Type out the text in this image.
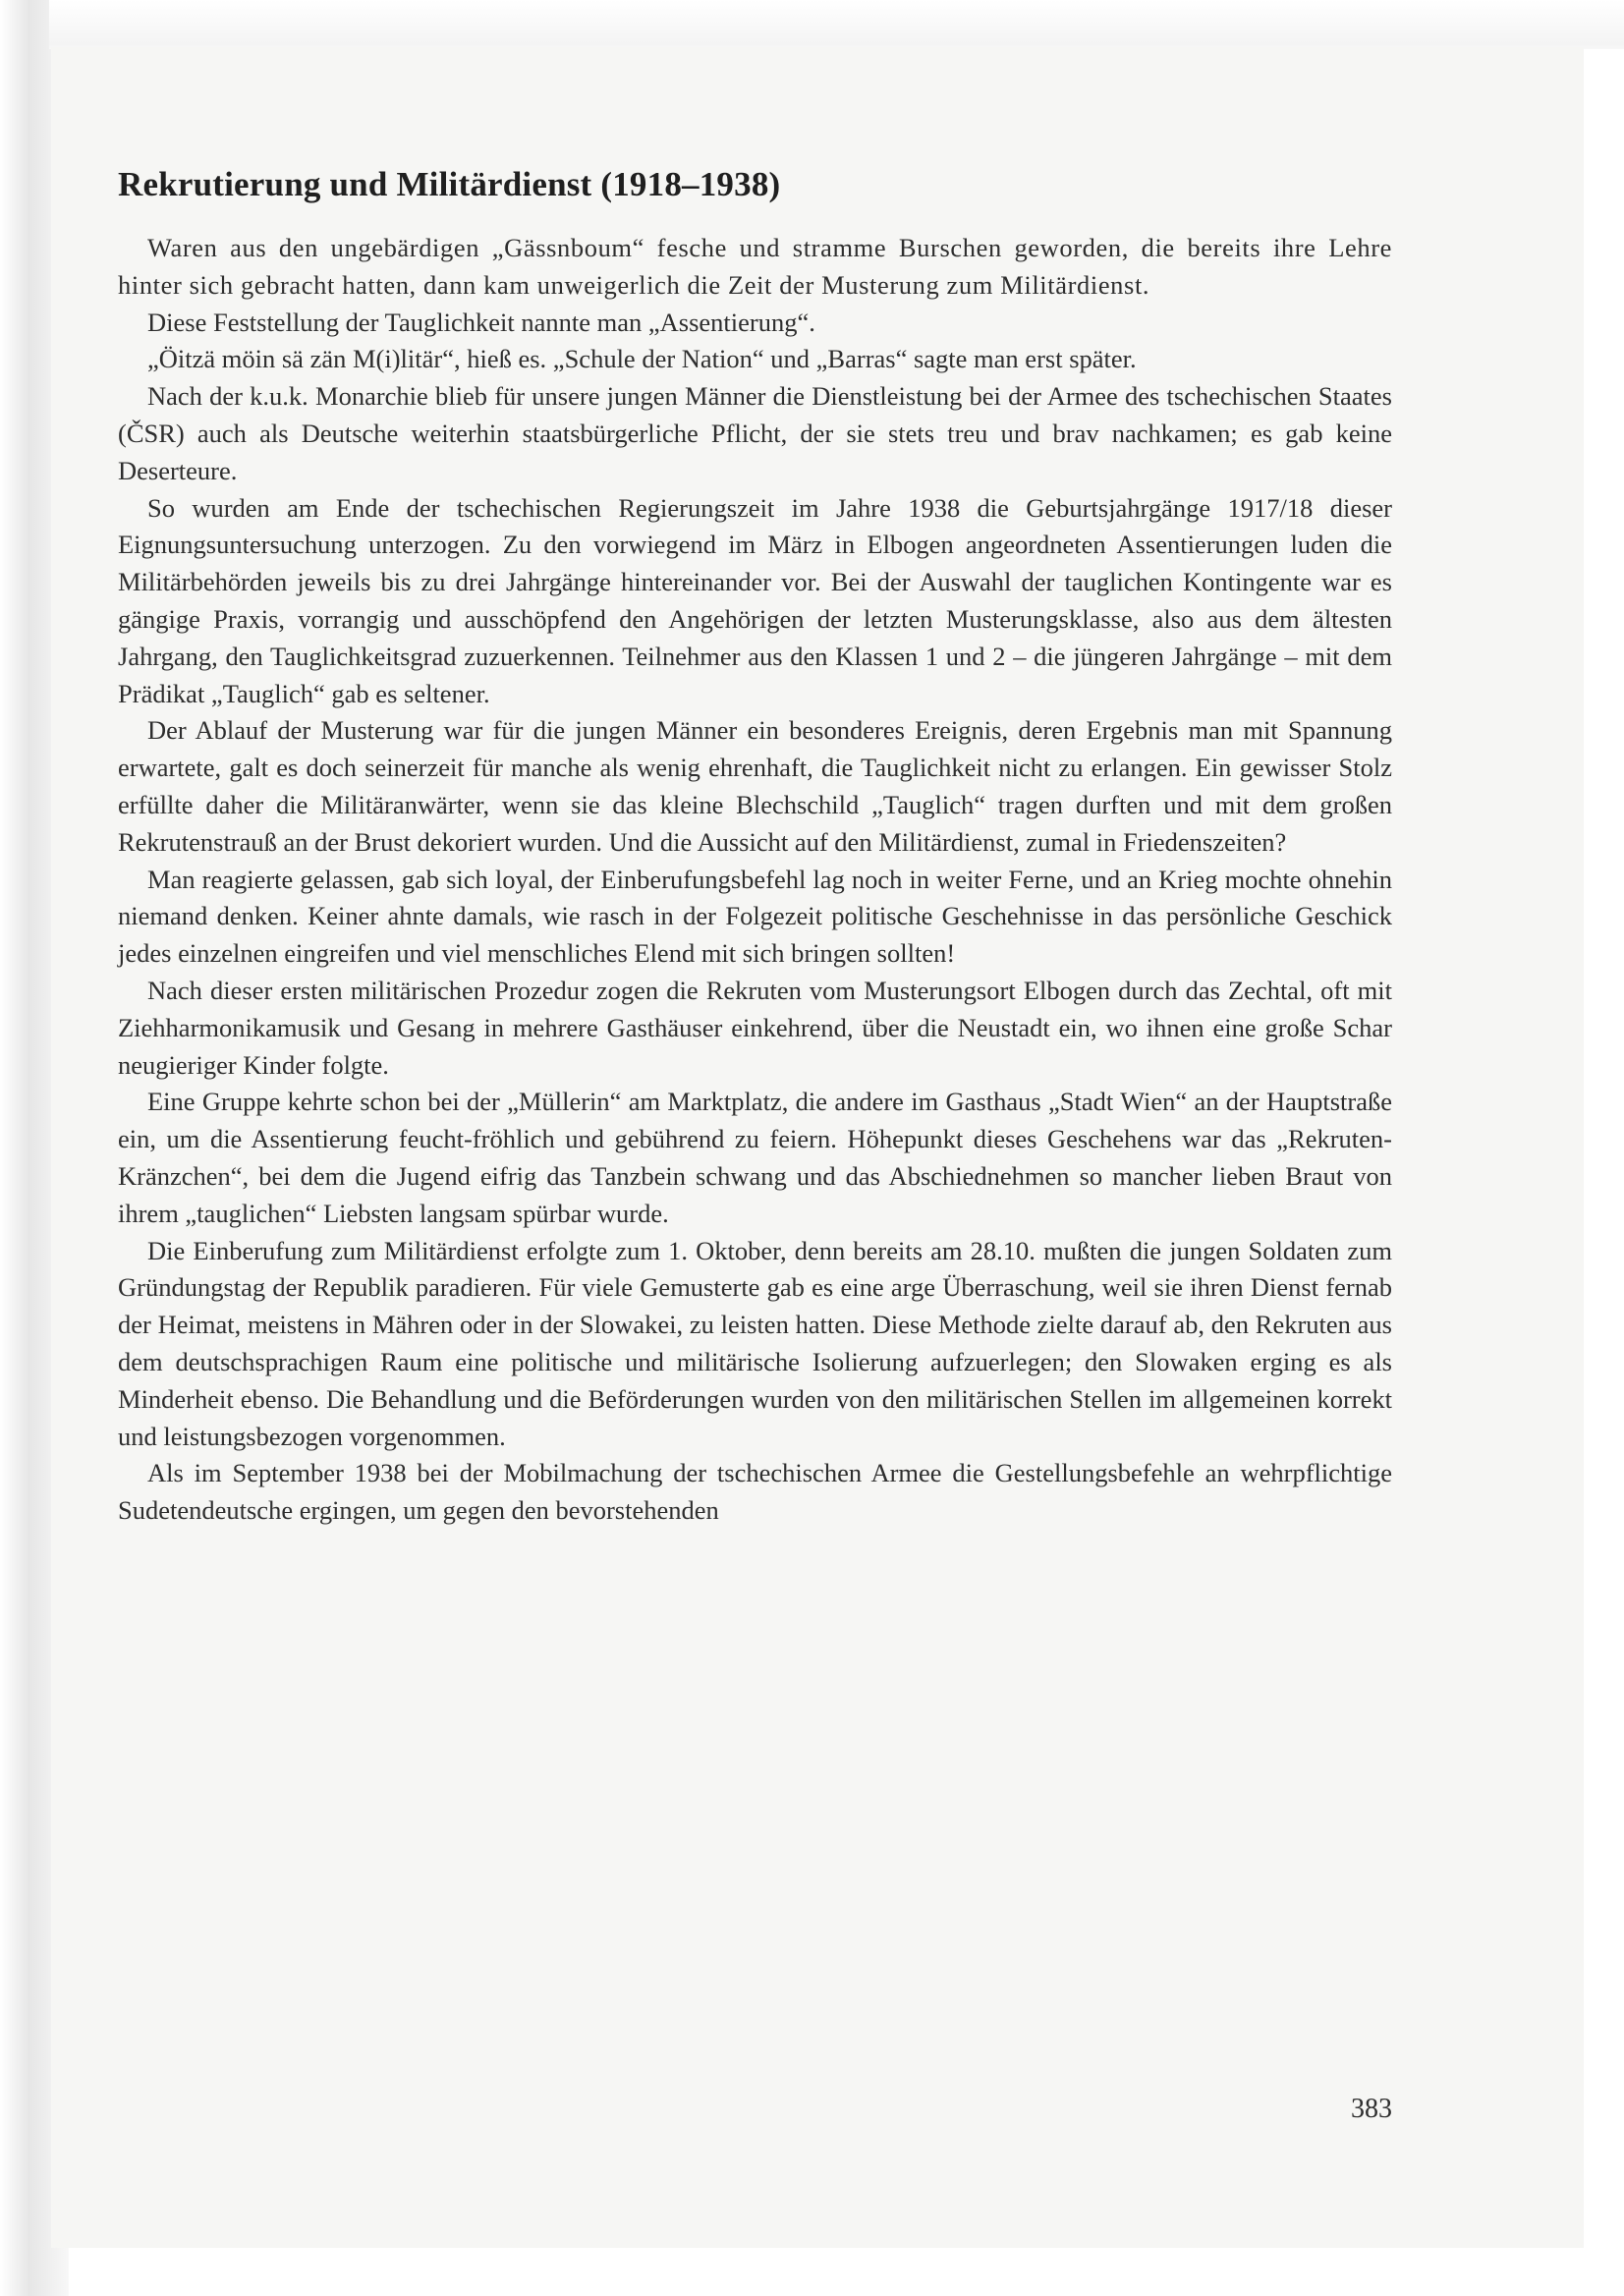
Rekrutierung und Militärdienst (1918–1938)

Waren aus den ungebärdigen „Gässnboum“ fesche und stramme Burschen geworden, die bereits ihre Lehre hinter sich gebracht hatten, dann kam unweigerlich die Zeit der Musterung zum Militärdienst.

Diese Feststellung der Tauglichkeit nannte man „Assentierung“.

„Öitzä möin sä zän M(i)litär“, hieß es. „Schule der Nation“ und „Barras“ sagte man erst später.

Nach der k.u.k. Monarchie blieb für unsere jungen Männer die Dienstleistung bei der Armee des tschechischen Staates (ČSR) auch als Deutsche weiterhin staatsbürgerliche Pflicht, der sie stets treu und brav nachkamen; es gab keine Deserteure.

So wurden am Ende der tschechischen Regierungszeit im Jahre 1938 die Geburtsjahrgänge 1917/18 dieser Eignungsuntersuchung unterzogen. Zu den vorwiegend im März in Elbogen angeordneten Assentierungen luden die Militärbehörden jeweils bis zu drei Jahrgänge hintereinander vor. Bei der Auswahl der tauglichen Kontingente war es gängige Praxis, vorrangig und ausschöpfend den Angehörigen der letzten Musterungsklasse, also aus dem ältesten Jahrgang, den Tauglichkeitsgrad zuzuerkennen. Teilnehmer aus den Klassen 1 und 2 – die jüngeren Jahrgänge – mit dem Prädikat „Tauglich“ gab es seltener.

Der Ablauf der Musterung war für die jungen Männer ein besonderes Ereignis, deren Ergebnis man mit Spannung erwartete, galt es doch seinerzeit für manche als wenig ehrenhaft, die Tauglichkeit nicht zu erlangen. Ein gewisser Stolz erfüllte daher die Militäranwärter, wenn sie das kleine Blechschild „Tauglich“ tragen durften und mit dem großen Rekrutenstrauß an der Brust dekoriert wurden. Und die Aussicht auf den Militärdienst, zumal in Friedenszeiten?

Man reagierte gelassen, gab sich loyal, der Einberufungsbefehl lag noch in weiter Ferne, und an Krieg mochte ohnehin niemand denken. Keiner ahnte damals, wie rasch in der Folgezeit politische Geschehnisse in das persönliche Geschick jedes einzelnen eingreifen und viel menschliches Elend mit sich bringen sollten!

Nach dieser ersten militärischen Prozedur zogen die Rekruten vom Musterungsort Elbogen durch das Zechtal, oft mit Ziehharmonikamusik und Gesang in mehrere Gasthäuser einkehrend, über die Neustadt ein, wo ihnen eine große Schar neugieriger Kinder folgte.

Eine Gruppe kehrte schon bei der „Müllerin“ am Marktplatz, die andere im Gasthaus „Stadt Wien“ an der Hauptstraße ein, um die Assentierung feucht-fröhlich und gebührend zu feiern. Höhepunkt dieses Geschehens war das „Rekruten-Kränzchen“, bei dem die Jugend eifrig das Tanzbein schwang und das Abschiednehmen so mancher lieben Braut von ihrem „tauglichen“ Liebsten langsam spürbar wurde.

Die Einberufung zum Militärdienst erfolgte zum 1. Oktober, denn bereits am 28.10. mußten die jungen Soldaten zum Gründungstag der Republik paradieren. Für viele Gemusterte gab es eine arge Überraschung, weil sie ihren Dienst fernab der Heimat, meistens in Mähren oder in der Slowakei, zu leisten hatten. Diese Methode zielte darauf ab, den Rekruten aus dem deutschsprachigen Raum eine politische und militärische Isolierung aufzuerlegen; den Slowaken erging es als Minderheit ebenso. Die Behandlung und die Beförderungen wurden von den militärischen Stellen im allgemeinen korrekt und leistungsbezogen vorgenommen.

Als im September 1938 bei der Mobilmachung der tschechischen Armee die Gestellungsbefehle an wehrpflichtige Sudetendeutsche ergingen, um gegen den bevorstehenden

383
